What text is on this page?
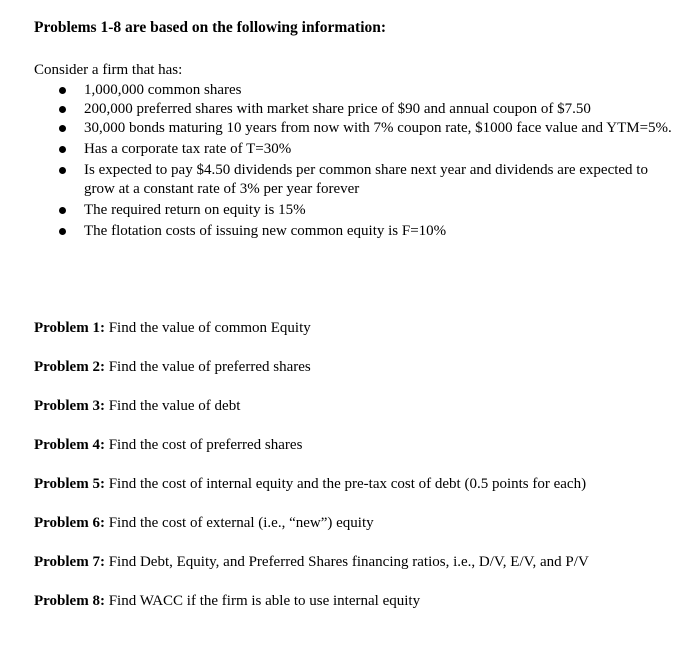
Problems 1-8 are based on the following information:
Consider a firm that has:
1,000,000 common shares
200,000 preferred shares with market share price of $90 and annual coupon of $7.50
30,000 bonds maturing 10 years from now with 7% coupon rate, $1000 face value and YTM=5%.
Has a corporate tax rate of T=30%
Is expected to pay $4.50 dividends per common share next year and dividends are expected to grow at a constant rate of 3% per year forever
The required return on equity is 15%
The flotation costs of issuing new common equity is F=10%
Problem 1: Find the value of common Equity
Problem 2: Find the value of preferred shares
Problem 3: Find the value of debt
Problem 4: Find the cost of preferred shares
Problem 5: Find the cost of internal equity and the pre-tax cost of debt (0.5 points for each)
Problem 6: Find the cost of external (i.e., “new”) equity
Problem 7: Find Debt, Equity, and Preferred Shares financing ratios, i.e., D/V, E/V, and P/V
Problem 8: Find WACC if the firm is able to use internal equity
